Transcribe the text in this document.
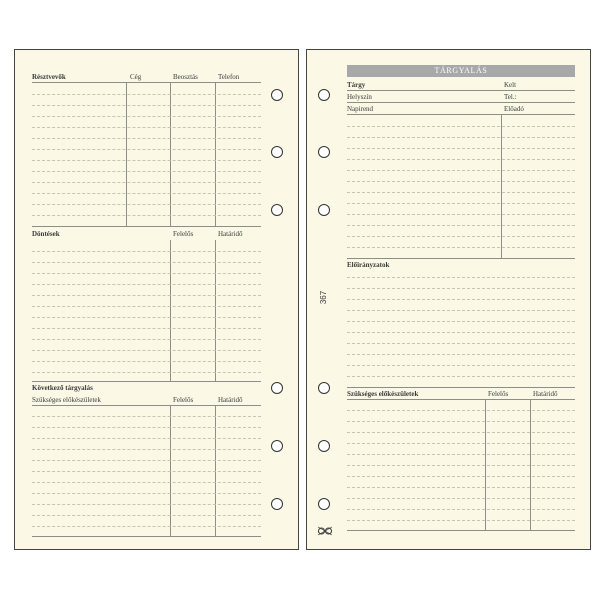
Résztvevők	Cég	Beosztás	Telefon
Döntések	Felelős	Határidő
Következő tárgyalás
Szükséges előkészületek	Felelős	Határidő
367
TÁRGYALÁS
Tárgy	Kelt
Helyszín	Tel.:
Napirend	Előadó
Előirányzatok
Szükséges előkészületek	Felelős	Határidő
